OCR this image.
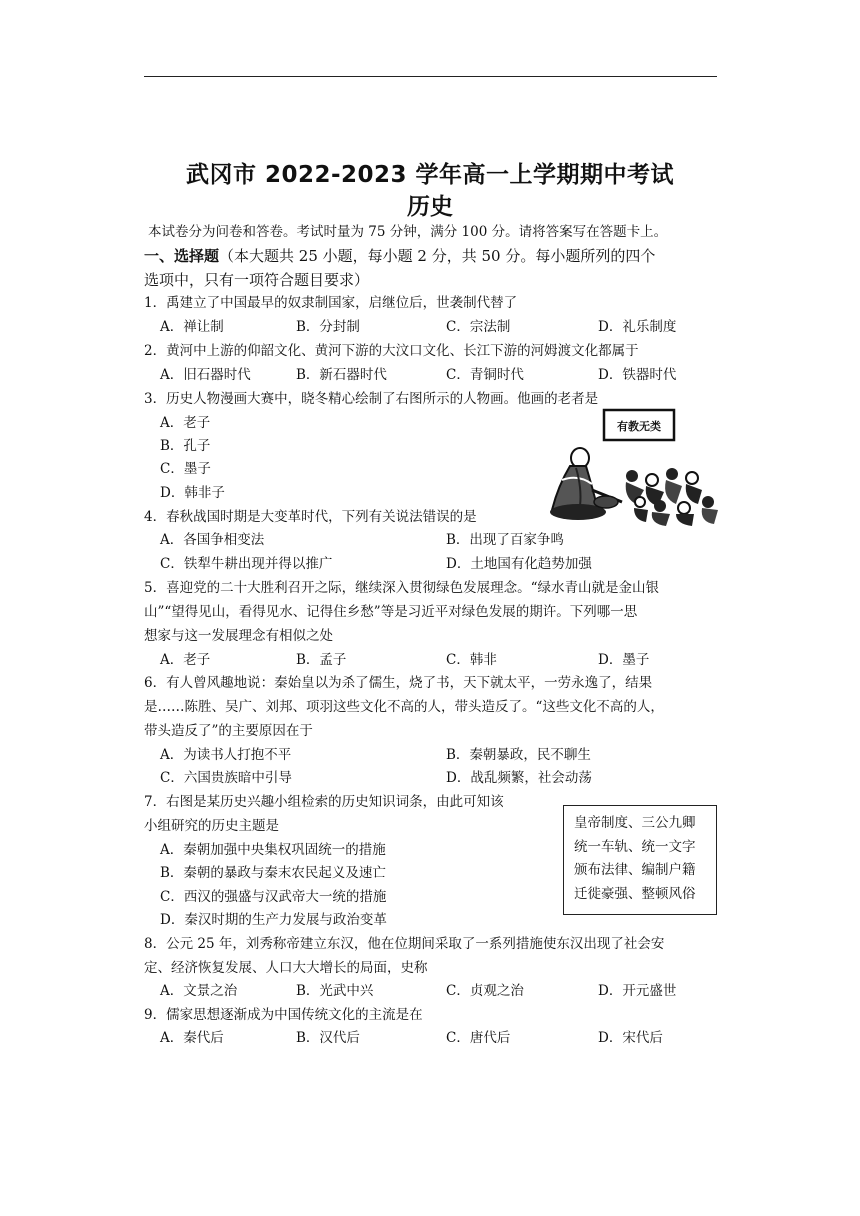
武冈市 2022-2023 学年高一上学期期中考试
历史
本试卷分为问卷和答卷。考试时量为 75 分钟，满分 100 分。请将答案写在答题卡上。
一、选择题（本大题共 25 小题，每小题 2 分，共 50 分。每小题所列的四个
选项中，只有一项符合题目要求）
1．禹建立了中国最早的奴隶制国家，启继位后，世袭制代替了
A．禅让制	B．分封制	C．宗法制	D．礼乐制度
2．黄河中上游的仰韶文化、黄河下游的大汶口文化、长江下游的河姆渡文化都属于
A．旧石器时代	B．新石器时代	C．青铜时代	D．铁器时代
3．历史人物漫画大赛中，晓冬精心绘制了右图所示的人物画。他画的老者是
A．老子
B．孔子
C．墨子
D．韩非子
有教无类
4．春秋战国时期是大变革时代，下列有关说法错误的是
A．各国争相变法	B．出现了百家争鸣
C．铁犁牛耕出现并得以推广	D．土地国有化趋势加强
5．喜迎党的二十大胜利召开之际，继续深入贯彻绿色发展理念。“绿水青山就是金山银
山”“望得见山，看得见水、记得住乡愁”等是习近平对绿色发展的期许。下列哪一思
想家与这一发展理念有相似之处
A．老子	B．孟子	C．韩非	D．墨子
6．有人曾风趣地说：秦始皇以为杀了儒生，烧了书，天下就太平，一劳永逸了，结果
是……陈胜、吴广、刘邦、项羽这些文化不高的人，带头造反了。“这些文化不高的人，
带头造反了”的主要原因在于
A．为读书人打抱不平	B．秦朝暴政，民不聊生
C．六国贵族暗中引导	D．战乱频繁，社会动荡
7．右图是某历史兴趣小组检索的历史知识词条，由此可知该
小组研究的历史主题是
A．秦朝加强中央集权巩固统一的措施
B．秦朝的暴政与秦末农民起义及速亡
C．西汉的强盛与汉武帝大一统的措施
D．秦汉时期的生产力发展与政治变革
皇帝制度、三公九卿
统一车轨、统一文字
颁布法律、编制户籍
迁徙豪强、整顿风俗
8．公元 25 年，刘秀称帝建立东汉，他在位期间采取了一系列措施使东汉出现了社会安
定、经济恢复发展、人口大大增长的局面，史称
A．文景之治	B．光武中兴	C．贞观之治	D．开元盛世
9．儒家思想逐渐成为中国传统文化的主流是在
A．秦代后	B．汉代后	C．唐代后	D．宋代后
